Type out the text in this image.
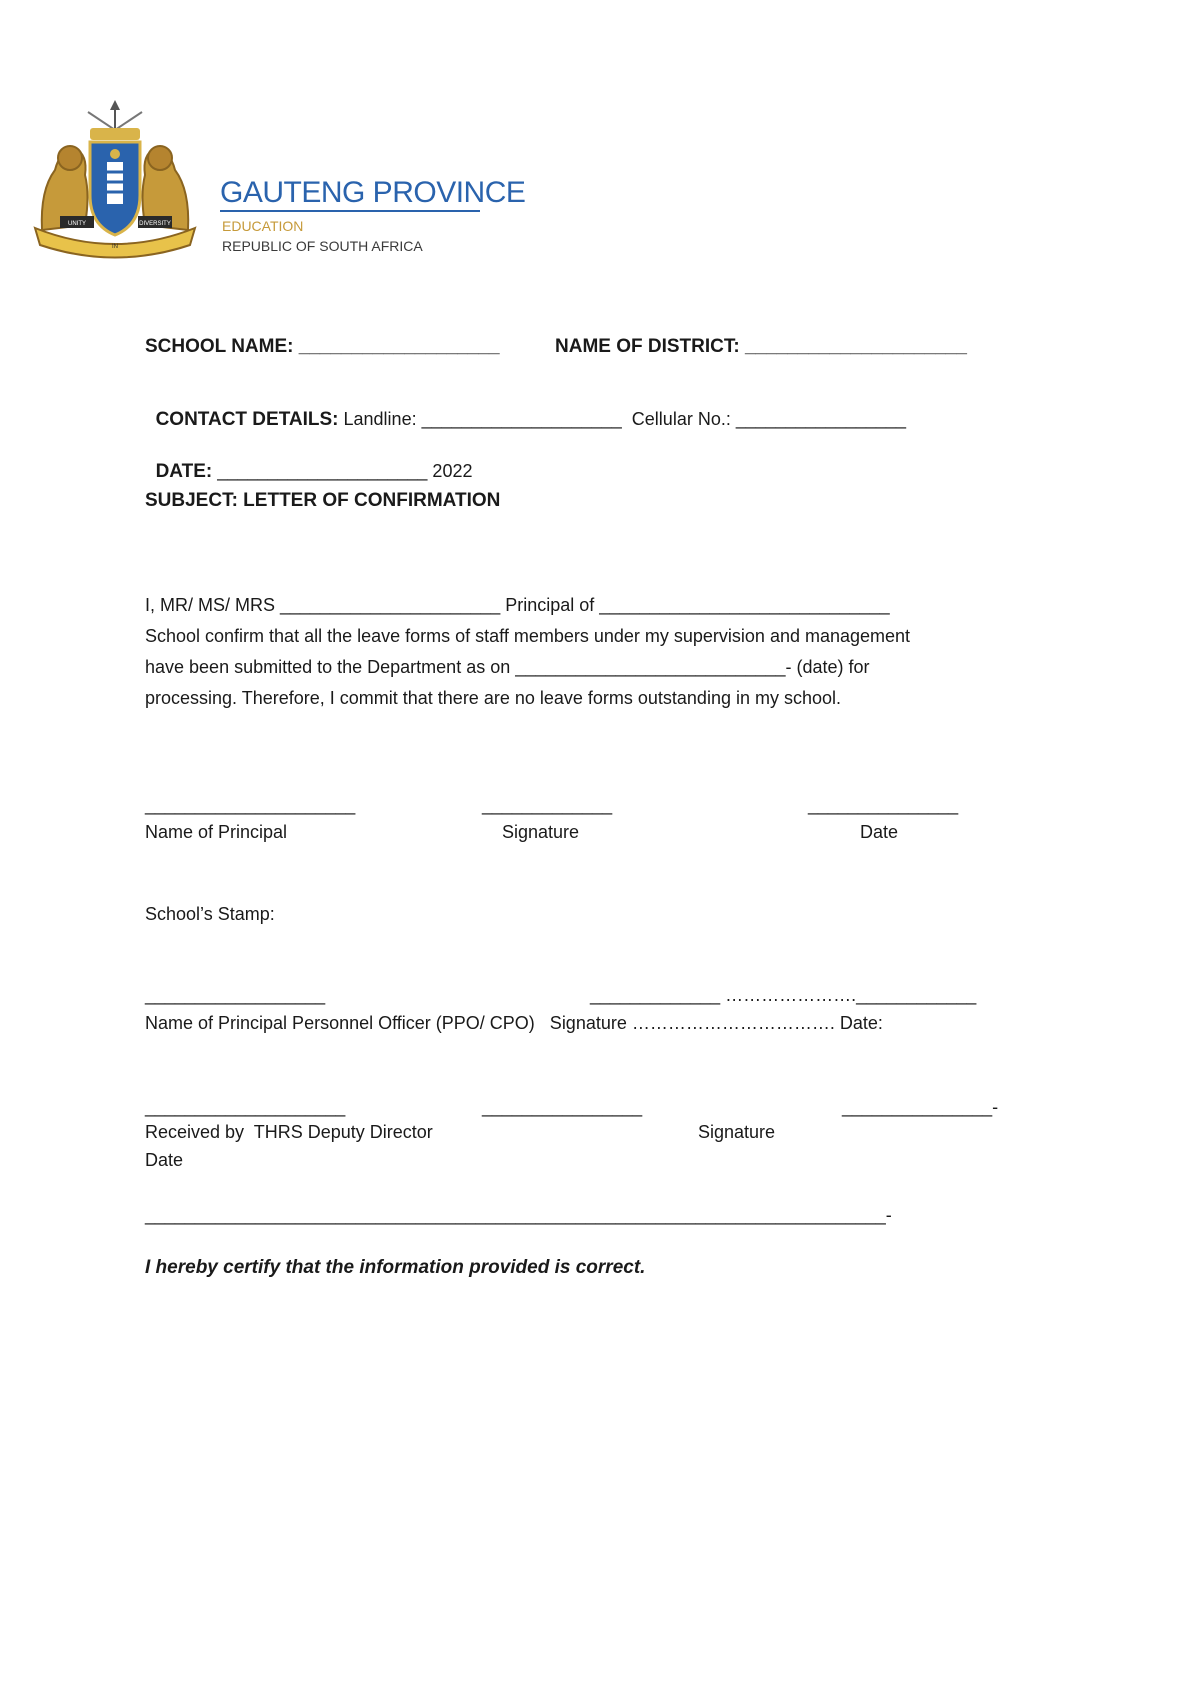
UNITY
IN
DIVERSITY
GAUTENG PROVINCE
EDUCATION
REPUBLIC OF SOUTH AFRICA
SCHOOL NAME: ___________________	NAME OF DISTRICT: _____________________

CONTACT DETAILS: Landline: ____________________  Cellular No.: _________________

DATE: _____________________ 2022

SUBJECT: LETTER OF CONFIRMATION
I, MR/ MS/ MRS ______________________ Principal of _____________________________
School confirm that all the leave forms of staff members under my supervision and management
have been submitted to the Department as on ___________________________- (date) for
processing. Therefore, I commit that there are no leave forms outstanding in my school.
_____________________	_____________	_______________
Name of Principal	Signature	Date
School’s Stamp:
__________________	_____________ ………………….____________
Name of Principal Personnel Officer (PPO/ CPO)   Signature ……………………………. Date:
____________________	________________	_______________-
Received by  THRS Deputy Director	Signature
Date
__________________________________________________________________________-
I hereby certify that the information provided is correct.
